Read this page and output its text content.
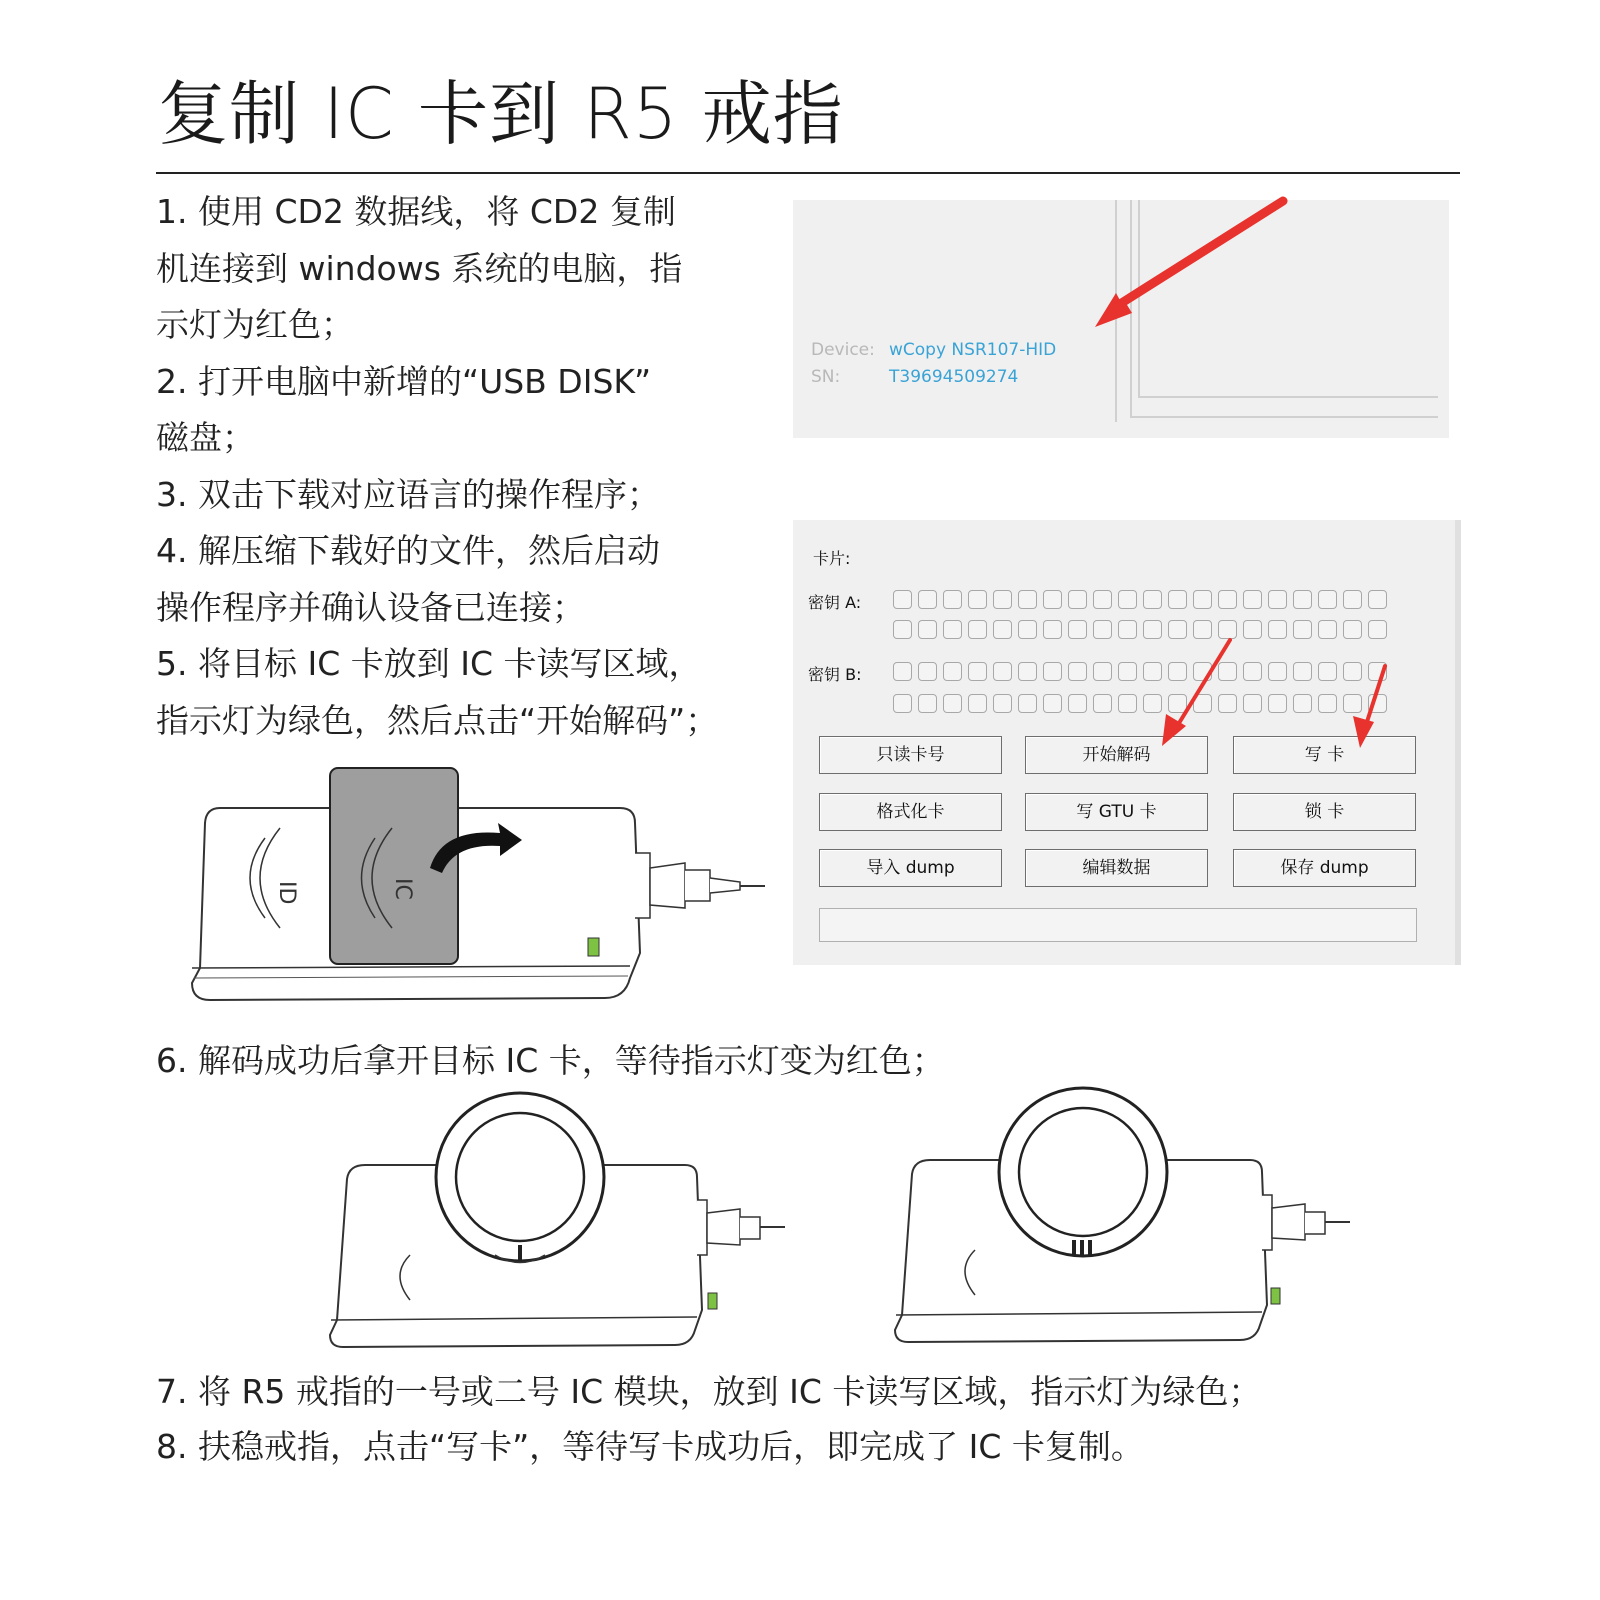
复制 IC 卡到 R5 戒指
1. 使用 CD2 数据线，将 CD2 复制
机连接到 windows 系统的电脑，指
示灯为红色；
2. 打开电脑中新增的“USB DISK”
磁盘；
3. 双击下载对应语言的操作程序；
4. 解压缩下载好的文件，然后启动
操作程序并确认设备已连接；
5. 将目标 IC 卡放到 IC 卡读写区域，
指示灯为绿色，然后点击“开始解码”；
Device: wCopy NSR107-HID
SN:	T39694509274
卡片:
密钥 A:
密钥 B:
只读卡号	开始解码	写 卡
格式化卡	写 GTU 卡	锁 卡
导入 dump	编辑数据	保存 dump
ID	IC
6. 解码成功后拿开目标 IC 卡，等待指示灯变为红色；
7. 将 R5 戒指的一号或二号 IC 模块，放到 IC 卡读写区域，指示灯为绿色；
8. 扶稳戒指，点击“写卡”，等待写卡成功后，即完成了 IC 卡复制。
